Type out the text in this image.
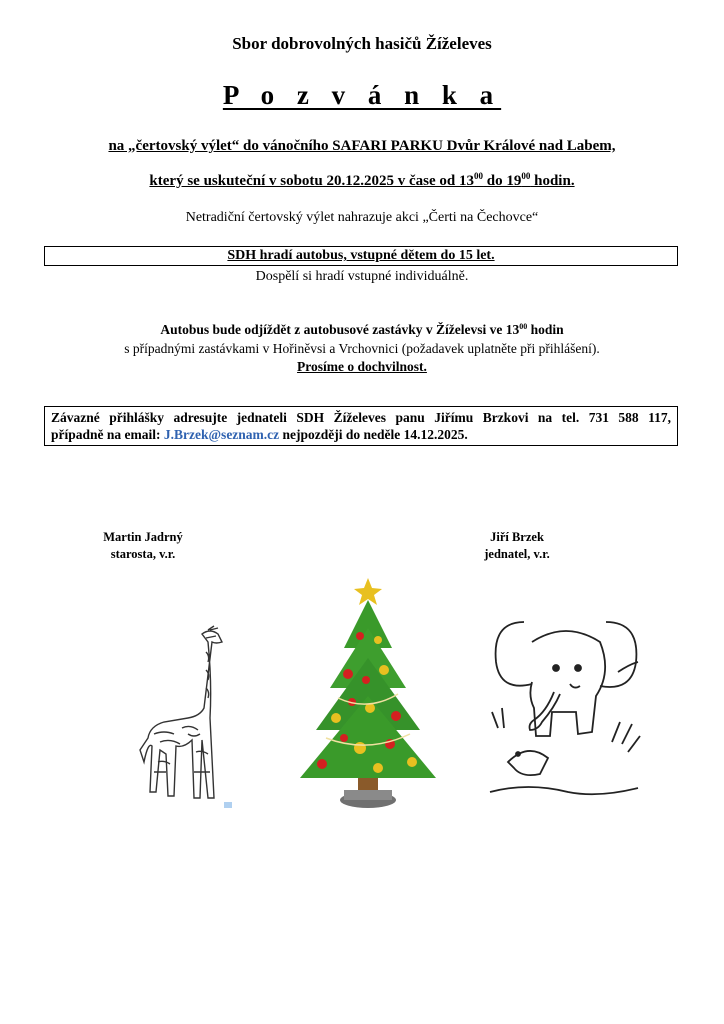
Sbor dobrovolných hasičů Žíželeves
P o z v á n k a
na „čertovský výlet“ do vánočního SAFARI PARKU Dvůr Králové nad Labem,
který se uskuteční v sobotu 20.12.2025 v čase od $13^{00}$ do $19^{00}$ hodin.
Netradiční čertovský výlet nahrazuje akci „Čerti na Čechovce“
SDH hradí autobus, vstupné dětem do 15 let.
Dospělí si hradí vstupné individuálně.
Autobus bude odjíždět z autobusové zastávky v Žíželevsi ve $13^{00}$ hodin
s případnými zastávkami v Hořiněvsi a Vrchovnici (požadavek uplatněte při přihlášení).
Prosíme o dochvilnost.
Závazné přihlášky adresujte jednateli SDH Žíželeves panu Jiřímu Brzkovi na tel. 731 588 117,
případně na email: J.Brzek@seznam.cz nejpozději do neděle 14.12.2025.
Martin Jadrný
starosta, v.r.
Jiří Brzek
jednatel, v.r.
